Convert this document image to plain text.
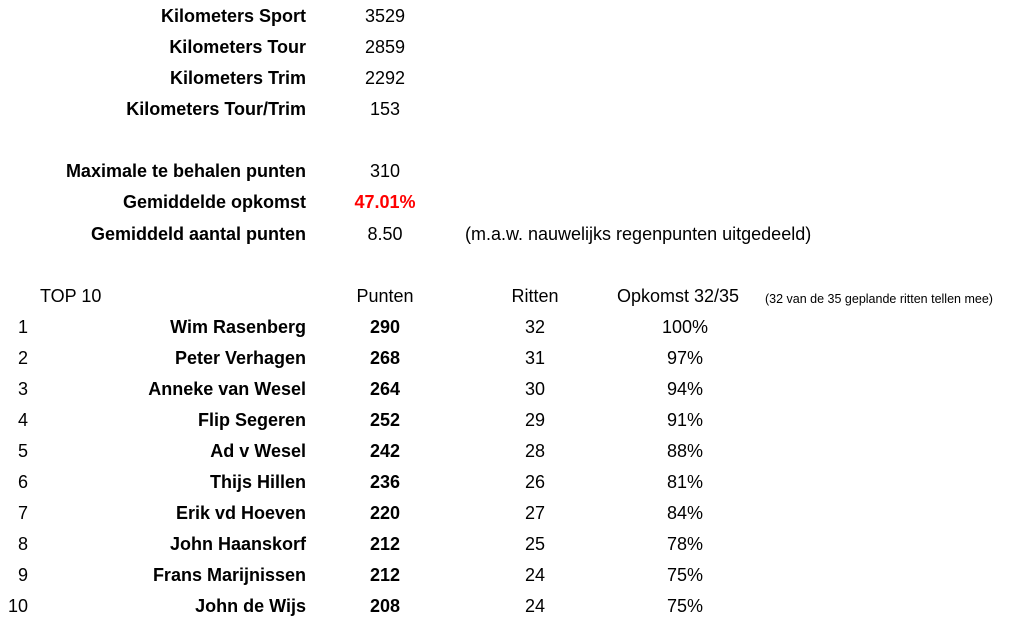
Kilometers Sport	3529
Kilometers Tour	2859
Kilometers Trim	2292
Kilometers Tour/Trim	153
Maximale te behalen punten	310
Gemiddelde opkomst	47.01%
Gemiddeld aantal punten	8.50	(m.a.w. nauwelijks regenpunten uitgedeeld)
TOP 10	Punten	Ritten	Opkomst 32/35 (32 van de 35 geplande ritten tellen mee)
1	Wim Rasenberg	290	32	100%
2	Peter Verhagen	268	31	97%
3	Anneke van Wesel	264	30	94%
4	Flip Segeren	252	29	91%
5	Ad v Wesel	242	28	88%
6	Thijs Hillen	236	26	81%
7	Erik vd Hoeven	220	27	84%
8	John Haanskorf	212	25	78%
9	Frans Marijnissen	212	24	75%
10	John de Wijs	208	24	75%
